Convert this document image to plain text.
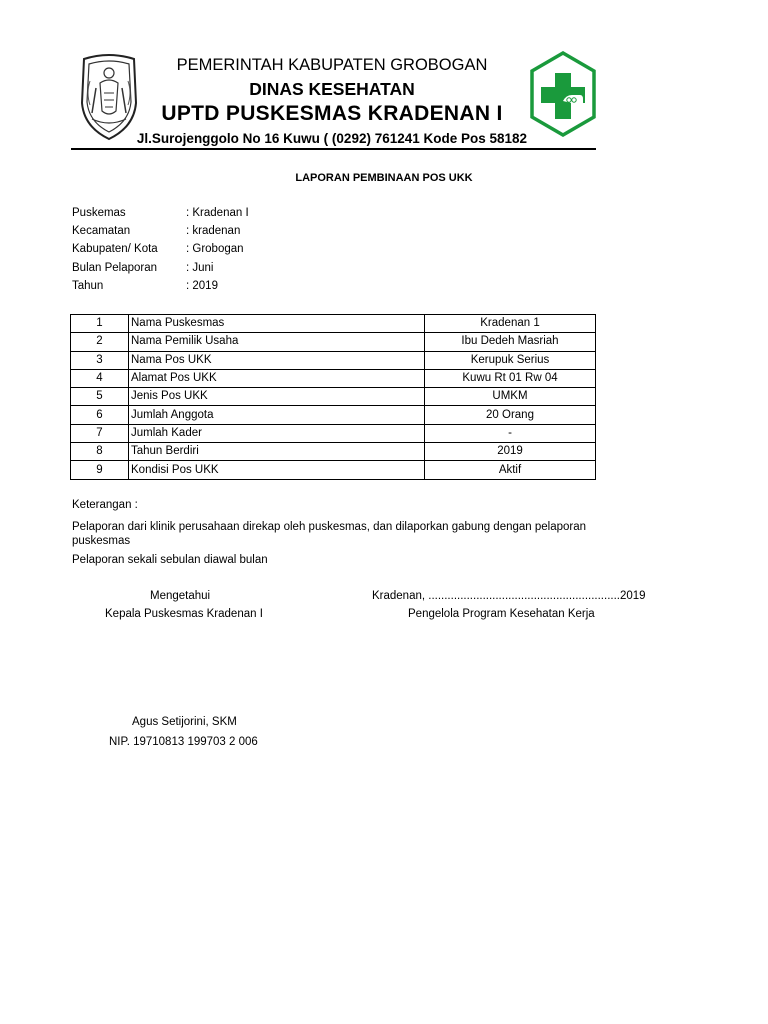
PEMERINTAH KABUPATEN GROBOGAN
DINAS KESEHATAN
UPTD PUSKESMAS KRADENAN I
Jl.Surojenggolo No 16 Kuwu ( (0292) 761241 Kode Pos 58182
LAPORAN PEMBINAAN POS UKK
Puskemas	: Kradenan I
Kecamatan	: kradenan
Kabupaten/ Kota : Grobogan
Bulan Pelaporan	: Juni
Tahun	: 2019
1	Nama Puskesmas	Kradenan 1
2	Nama Pemilik Usaha	Ibu Dedeh Masriah
3	Nama Pos UKK	Kerupuk Serius
4	Alamat Pos UKK	Kuwu Rt 01 Rw 04
5	Jenis Pos UKK	UMKM
6	Jumlah Anggota	20 Orang
7	Jumlah Kader	-
8	Tahun Berdiri	2019
9	Kondisi Pos UKK	Aktif
Keterangan :
Pelaporan dari klinik perusahaan direkap oleh puskesmas, dan dilaporkan gabung dengan pelaporan
puskesmas
Pelaporan sekali sebulan diawal bulan
Mengetahui
Kepala Puskesmas Kradenan I
Kradenan, ............................................................2019
Pengelola Program Kesehatan Kerja
Agus Setijorini, SKM
NIP. 19710813 199703 2 006
